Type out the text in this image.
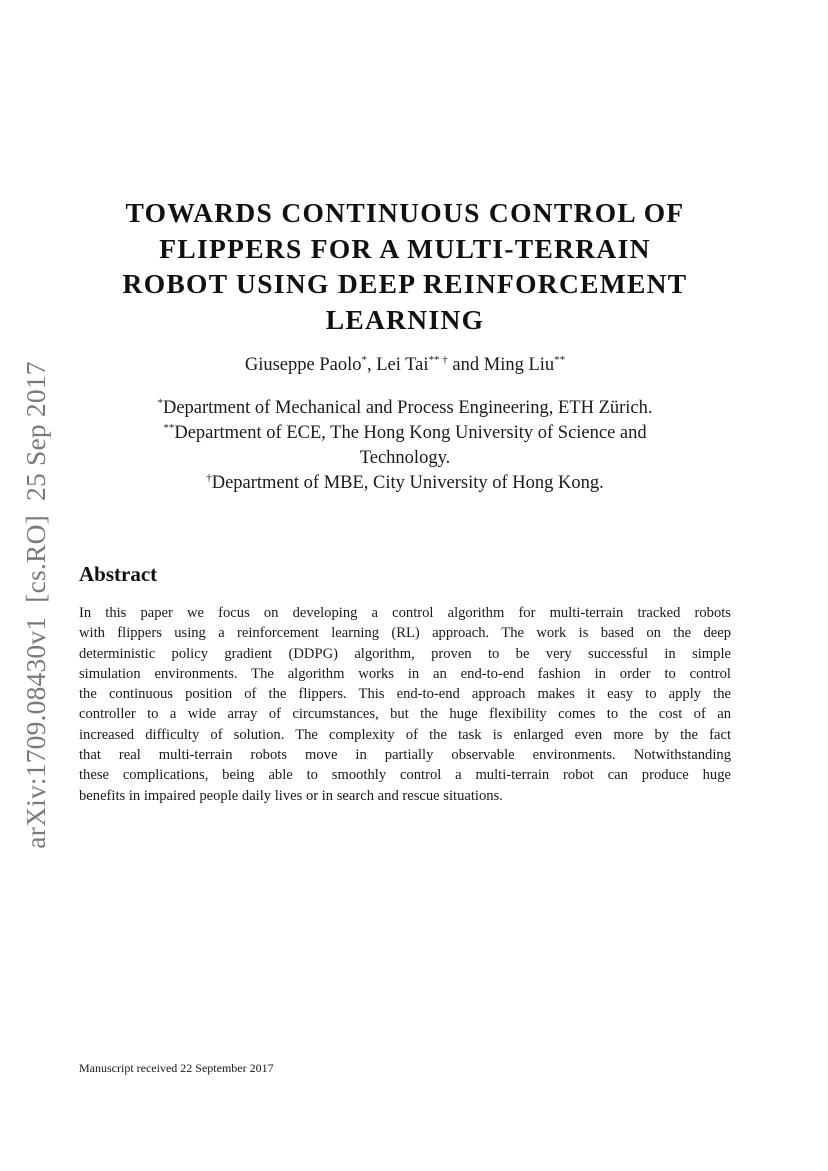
arXiv:1709.08430v1[cs.RO]25 Sep 2017
TOWARDS CONTINUOUS CONTROL OF
FLIPPERS FOR A MULTI-TERRAIN
ROBOT USING DEEP REINFORCEMENT
LEARNING
Giuseppe Paolo*, Lei Tai** † and Ming Liu**
*Department of Mechanical and Process Engineering, ETH Zürich.
**Department of ECE, The Hong Kong University of Science and
Technology.
†Department of MBE, City University of Hong Kong.
Abstract
In this paper we focus on developing a control algorithm for multi-terrain tracked robots
with flippers using a reinforcement learning (RL) approach. The work is based on the deep
deterministic policy gradient (DDPG) algorithm, proven to be very successful in simple
simulation environments. The algorithm works in an end-to-end fashion in order to control
the continuous position of the flippers. This end-to-end approach makes it easy to apply the
controller to a wide array of circumstances, but the huge flexibility comes to the cost of an
increased difficulty of solution. The complexity of the task is enlarged even more by the fact
that real multi-terrain robots move in partially observable environments. Notwithstanding
these complications, being able to smoothly control a multi-terrain robot can produce huge
benefits in impaired people daily lives or in search and rescue situations.
Manuscript received 22 September 2017
